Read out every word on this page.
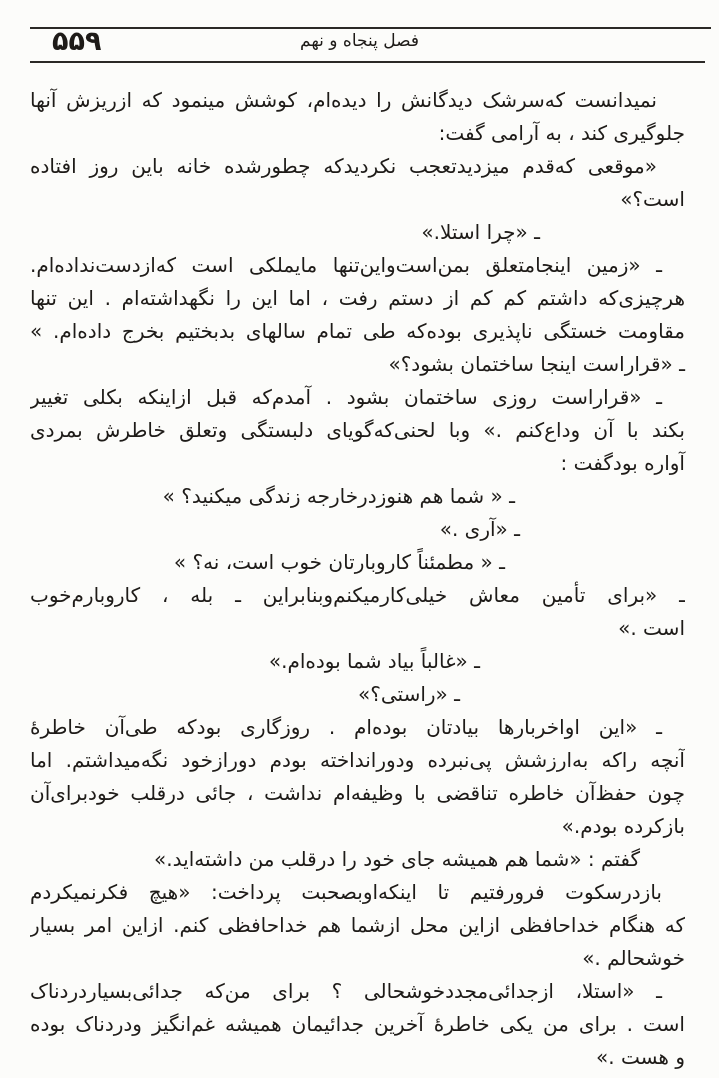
۵۵۹	فصل پنجاه و نهم
نمیدانست که‌سرشک دیدگانش را دیده‌ام، کوشش مینمود که ازریزش آنها
جلوگیری کند ، به آرامی گفت:
«موقعی که‌قدم میزدیدتعجب نکردیدکه چطورشده خانه باین روز افتاده
است؟»
ـ «چرا استلا.»
ـ «زمین اینجامتعلق بمن‌است‌واین‌تنها مایملکی است که‌ازدست‌نداده‌ام.
هرچیزی‌که داشتم کم کم از دستم رفت ، اما این را نگهداشته‌ام . این تنها
مقاومت خستگی ناپذیری بوده‌که طی تمام سالهای بدبختیم بخرج داده‌ام. »
ـ «قراراست اینجا ساختمان بشود؟»
ـ «قراراست روزی ساختمان بشود . آمدم‌که قبل ازاینکه بکلی تغییر
بکند با آن وداع‌کنم .» وبا لحنی‌که‌گویای دلبستگی وتعلق خاطرش بمردی
آواره بودگفت :
ـ « شما هم هنوزدرخارجه زندگی میکنید؟ »
ـ «آری .»
ـ « مطمئناً کاروبارتان خوب است، نه؟ »
ـ «برای تأمین معاش خیلی‌کارمیکنم‌وبنابراین ـ بله ، کاروبارم‌خوب
است .»
ـ «غالباً بیاد شما بوده‌ام.»
ـ «راستی؟»
ـ «این اواخربارها بیادتان بوده‌ام . روزگاری بودکه طی‌آن خاطرهٔ
آنچه راکه به‌ارزشش پی‌نبرده ودورانداخته بودم دورازخود نگه‌میداشتم. اما
چون حفظ‌آن خاطره تناقضی با وظیفه‌ام نداشت ، جائی درقلب خودبرای‌آن
بازکرده بودم.»
گفتم : «شما هم همیشه جای خود را درقلب من داشته‌اید.»
بازدرسکوت فرورفتیم تا اینکه‌اوبصحبت پرداخت: «هیچ فکرنمیکردم
که هنگام خداحافظی ازاین محل ازشما هم خداحافظی کنم. ازاین امر بسیار
خوشحالم .»
ـ «استلا، ازجدائی‌مجددخوشحالی ؟ برای من‌که جدائی‌بسیاردردناک
است . برای من یکی خاطرهٔ آخرین جدائیمان همیشه غم‌انگیز ودردناک بوده
و هست .»
